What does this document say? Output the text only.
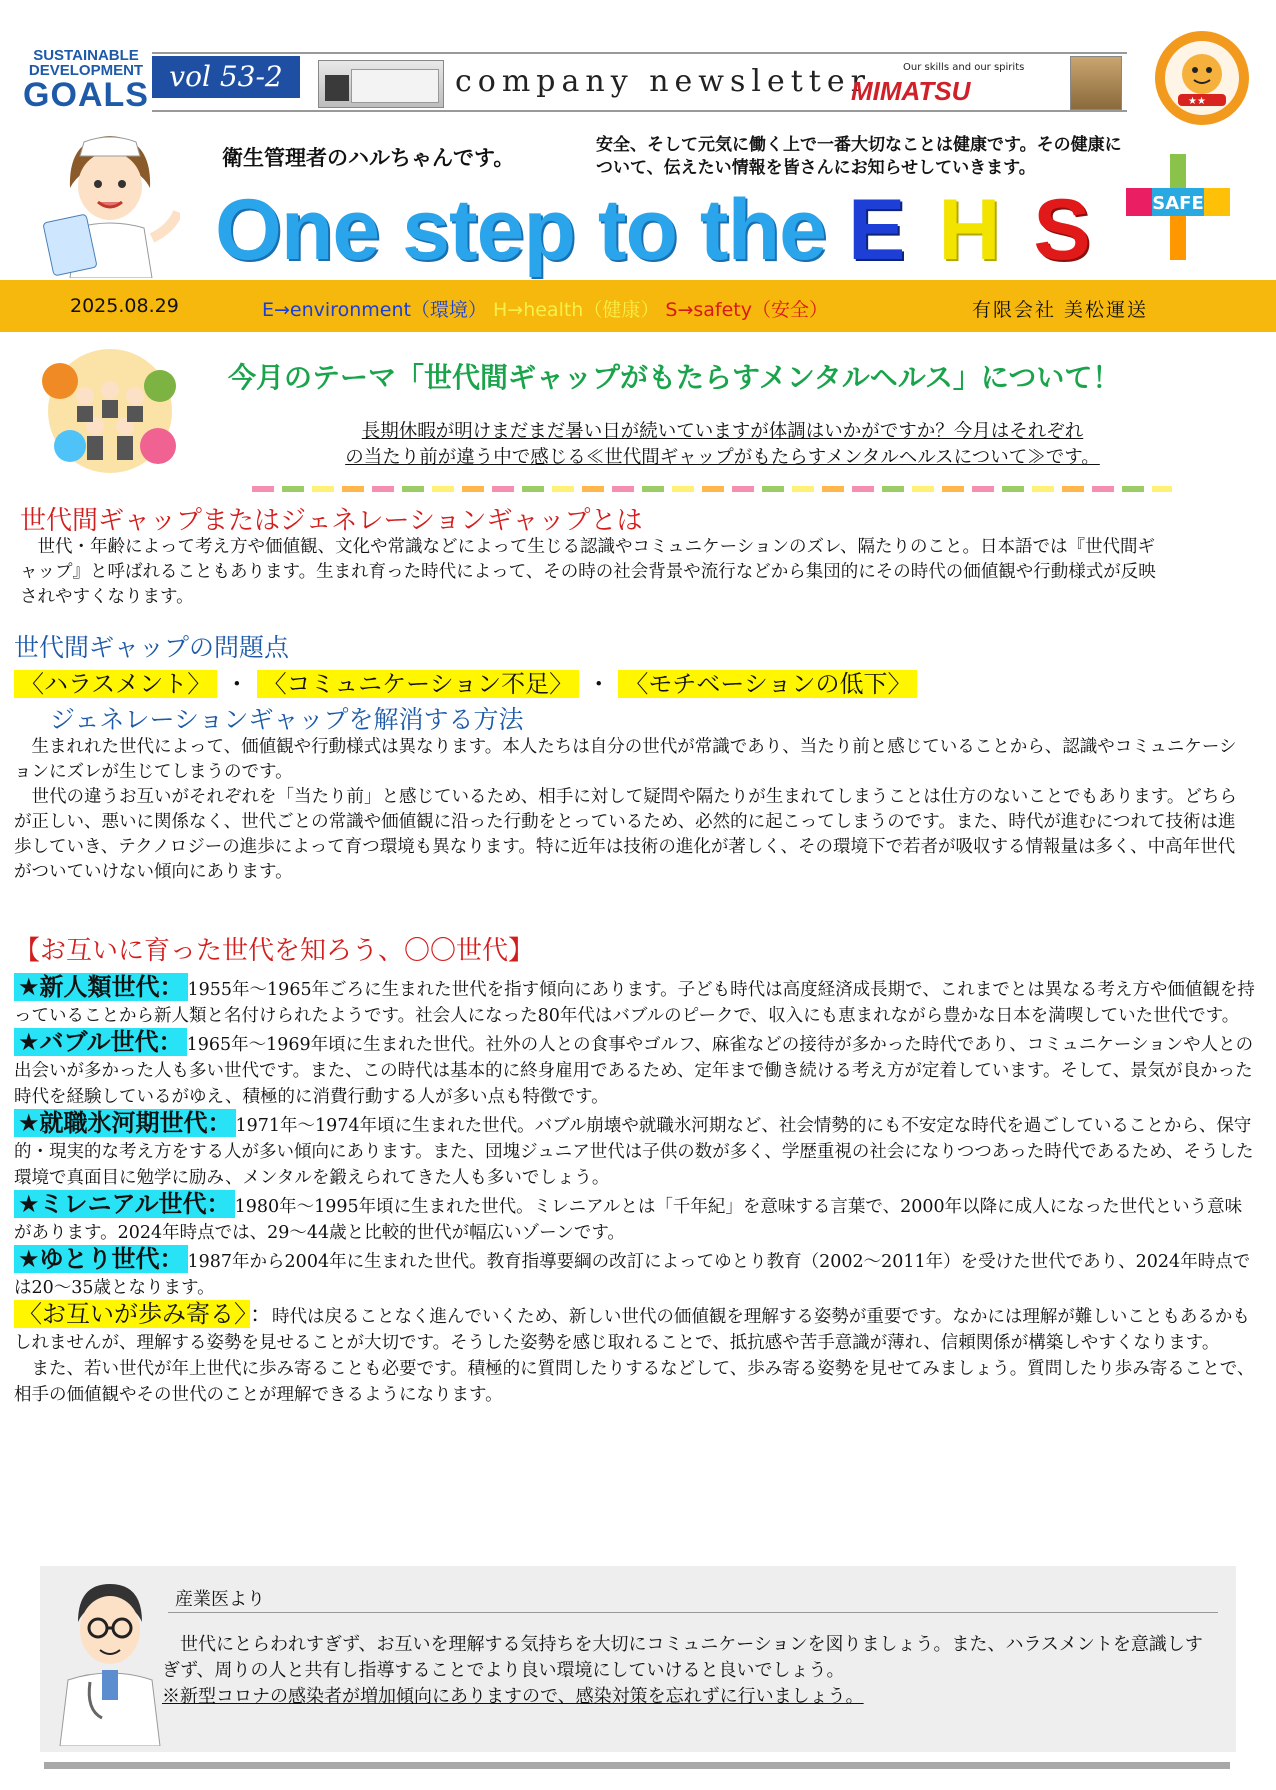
SUSTAINABLE
DEVELOPMENT
GOALS vol 53-2	company newsletter	Our skills and our spirits
MIMATSU	★★
衛生管理者のハルちゃんです。
安全、そして元気に働く上で一番大切なことは健康です。その健康について、伝えたい情報を皆さんにお知らせしていきます。
One step to the E H S	SAFE
2025.08.29	E→environment（環境） H→health（健康） S→safety（安全）	有限会社 美松運送
今月のテーマ「世代間ギャップがもたらすメンタルヘルス」について！
長期休暇が明けまだまだ暑い日が続いていますが体調はいかがですか？今月はそれぞれ
の当たり前が違う中で感じる≪世代間ギャップがもたらすメンタルヘルスについて≫です。
世代間ギャップまたはジェネレーションギャップとは
　世代・年齢によって考え方や価値観、文化や常識などによって生じる認識やコミュニケーションのズレ、隔たりのこと。日本語では『世代間ギャップ』と呼ばれることもあります。生まれ育った時代によって、その時の社会背景や流行などから集団的にその時代の価値観や行動様式が反映されやすくなります。
世代間ギャップの問題点
〈ハラスメント〉 ・ 〈コミュニケーション不足〉 ・ 〈モチベーションの低下〉
ジェネレーションギャップを解消する方法
　生まれれた世代によって、価値観や行動様式は異なります。本人たちは自分の世代が常識であり、当たり前と感じていることから、認識やコミュニケーションにズレが生じてしまうのです。
　世代の違うお互いがそれぞれを「当たり前」と感じているため、相手に対して疑問や隔たりが生まれてしまうことは仕方のないことでもあります。どちらが正しい、悪いに関係なく、世代ごとの常識や価値観に沿った行動をとっているため、必然的に起こってしまうのです。また、時代が進むにつれて技術は進歩していき、テクノロジーの進歩によって育つ環境も異なります。特に近年は技術の進化が著しく、その環境下で若者が吸収する情報量は多く、中高年世代がついていけない傾向にあります。
【お互いに育った世代を知ろう、〇〇世代】
★新人類世代： 1955年～1965年ごろに生まれた世代を指す傾向にあります。子ども時代は高度経済成長期で、これまでとは異なる考え方や価値観を持っていることから新人類と名付けられたようです。社会人になった80年代はバブルのピークで、収入にも恵まれながら豊かな日本を満喫していた世代です。
★バブル世代： 1965年～1969年頃に生まれた世代。社外の人との食事やゴルフ、麻雀などの接待が多かった時代であり、コミュニケーションや人との出会いが多かった人も多い世代です。また、この時代は基本的に終身雇用であるため、定年まで働き続ける考え方が定着しています。そして、景気が良かった時代を経験しているがゆえ、積極的に消費行動する人が多い点も特徴です。
★就職氷河期世代： 1971年～1974年頃に生まれた世代。バブル崩壊や就職氷河期など、社会情勢的にも不安定な時代を過ごしていることから、保守的・現実的な考え方をする人が多い傾向にあります。また、団塊ジュニア世代は子供の数が多く、学歴重視の社会になりつつあった時代であるため、そうした環境で真面目に勉学に励み、メンタルを鍛えられてきた人も多いでしょう。
★ミレニアル世代： 1980年～1995年頃に生まれた世代。ミレニアルとは「千年紀」を意味する言葉で、2000年以降に成人になった世代という意味があります。2024年時点では、29～44歳と比較的世代が幅広いゾーンです。
★ゆとり世代： 1987年から2004年に生まれた世代。教育指導要綱の改訂によってゆとり教育（2002～2011年）を受けた世代であり、2024年時点では20～35歳となります。
〈お互いが歩み寄る〉 ：時代は戻ることなく進んでいくため、新しい世代の価値観を理解する姿勢が重要です。なかには理解が難しいこともあるかもしれませんが、理解する姿勢を見せることが大切です。そうした姿勢を感じ取れることで、抵抗感や苦手意識が薄れ、信頼関係が構築しやすくなります。
　また、若い世代が年上世代に歩み寄ることも必要です。積極的に質問したりするなどして、歩み寄る姿勢を見せてみましょう。質問したり歩み寄ることで、相手の価値観やその世代のことが理解できるようになります。
産業医より
　世代にとらわれすぎず、お互いを理解する気持ちを大切にコミュニケーションを図りましょう。また、ハラスメントを意識しすぎず、周りの人と共有し指導することでより良い環境にしていけると良いでしょう。
※新型コロナの感染者が増加傾向にありますので、感染対策を忘れずに行いましょう。
